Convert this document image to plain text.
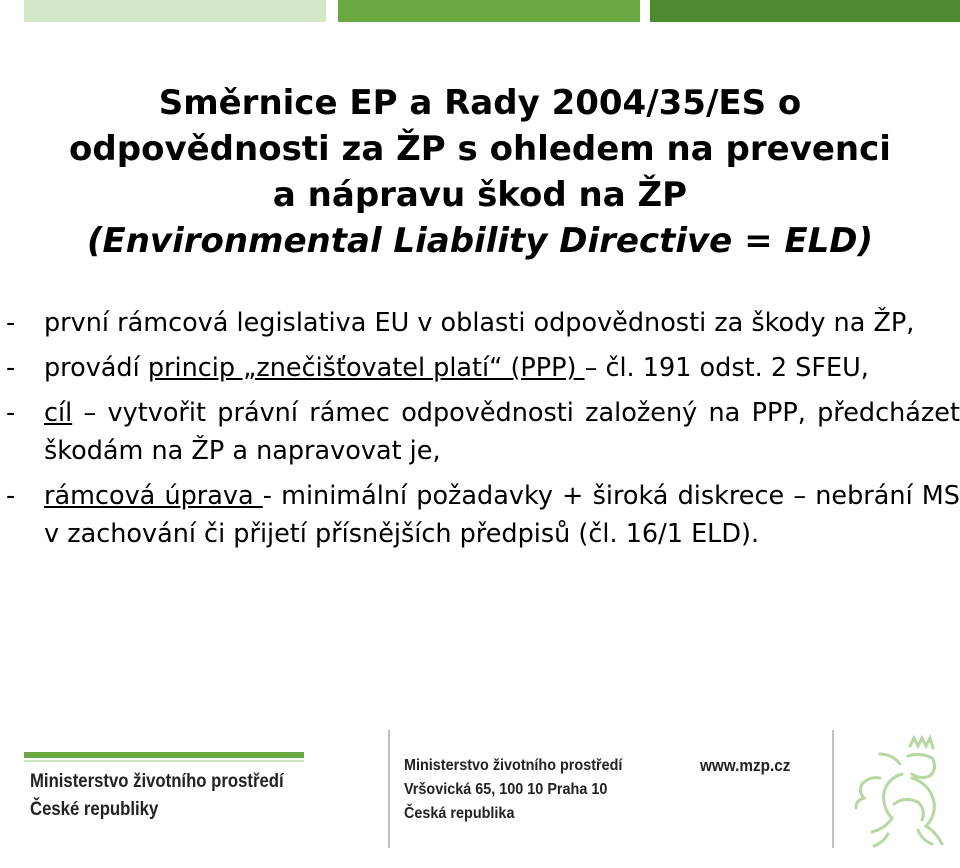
Směrnice EP a Rady 2004/35/ES o
odpovědnosti za ŽP s ohledem na prevenci
a nápravu škod na ŽP
(Environmental Liability Directive = ELD)
- první rámcová legislativa EU v oblasti odpovědnosti za škody na ŽP,
- provádí princip „znečišťovatel platí“ (PPP) – čl. 191 odst. 2 SFEU,
- cíl – vytvořit právní rámec odpovědnosti založený na PPP, předcházet škodám na ŽP a napravovat je,
- rámcová úprava - minimální požadavky + široká diskrece – nebrání MS v zachování či přijetí přísnějších předpisů (čl. 16/1 ELD).
Ministerstvo životního prostředí
České republiky
Ministerstvo životního prostředí
Vršovická 65, 100 10 Praha 10
Česká republika
www.mzp.cz
